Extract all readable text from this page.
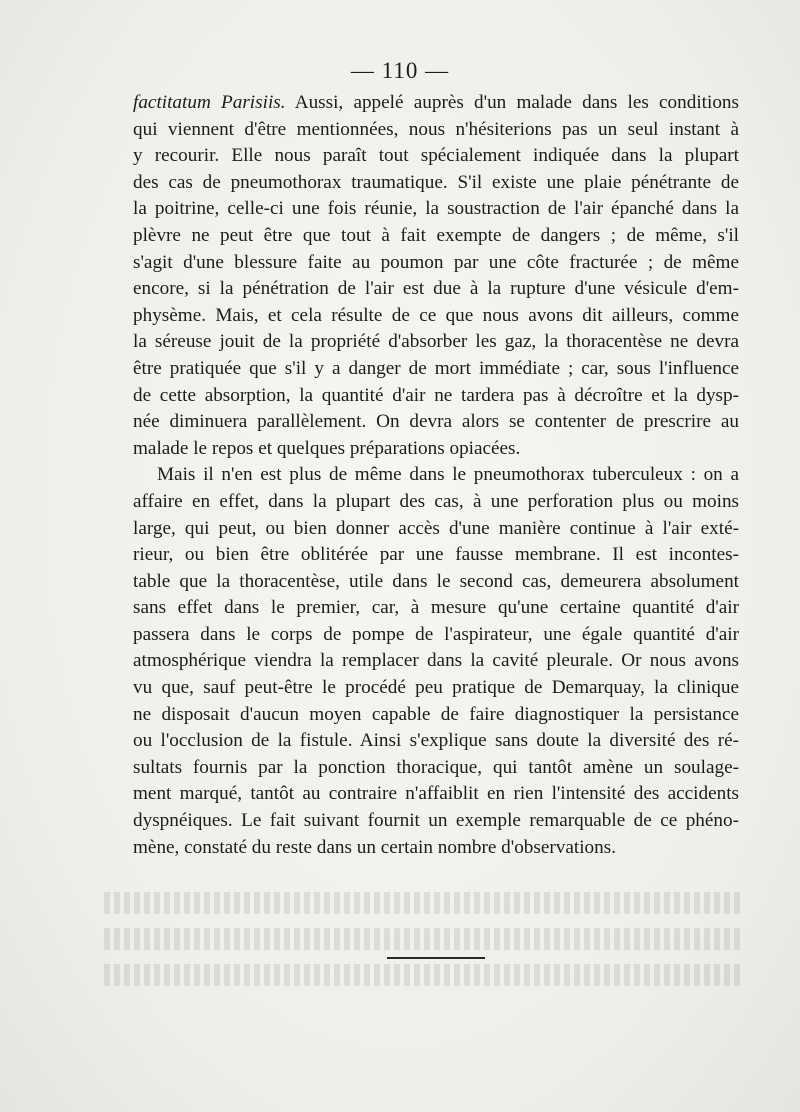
— 110 —
factitatum Parisiis. Aussi, appelé auprès d'un malade dans les conditions
qui viennent d'être mentionnées, nous n'hésiterions pas un seul instant à
y recourir. Elle nous paraît tout spécialement indiquée dans la plupart
des cas de pneumothorax traumatique. S'il existe une plaie pénétrante de
la poitrine, celle-ci une fois réunie, la soustraction de l'air épanché dans la
plèvre ne peut être que tout à fait exempte de dangers ; de même, s'il
s'agit d'une blessure faite au poumon par une côte fracturée ; de même
encore, si la pénétration de l'air est due à la rupture d'une vésicule d'em-
physème. Mais, et cela résulte de ce que nous avons dit ailleurs, comme
la séreuse jouit de la propriété d'absorber les gaz, la thoracentèse ne devra
être pratiquée que s'il y a danger de mort immédiate ; car, sous l'influence
de cette absorption, la quantité d'air ne tardera pas à décroître et la dysp-
née diminuera parallèlement. On devra alors se contenter de prescrire au
malade le repos et quelques préparations opiacées.
Mais il n'en est plus de même dans le pneumothorax tuberculeux : on a
affaire en effet, dans la plupart des cas, à une perforation plus ou moins
large, qui peut, ou bien donner accès d'une manière continue à l'air exté-
rieur, ou bien être oblitérée par une fausse membrane. Il est incontes-
table que la thoracentèse, utile dans le second cas, demeurera absolument
sans effet dans le premier, car, à mesure qu'une certaine quantité d'air
passera dans le corps de pompe de l'aspirateur, une égale quantité d'air
atmosphérique viendra la remplacer dans la cavité pleurale. Or nous avons
vu que, sauf peut-être le procédé peu pratique de Demarquay, la clinique
ne disposait d'aucun moyen capable de faire diagnostiquer la persistance
ou l'occlusion de la fistule. Ainsi s'explique sans doute la diversité des ré-
sultats fournis par la ponction thoracique, qui tantôt amène un soulage-
ment marqué, tantôt au contraire n'affaiblit en rien l'intensité des accidents
dyspnéiques. Le fait suivant fournit un exemple remarquable de ce phéno-
mène, constaté du reste dans un certain nombre d'observations.
